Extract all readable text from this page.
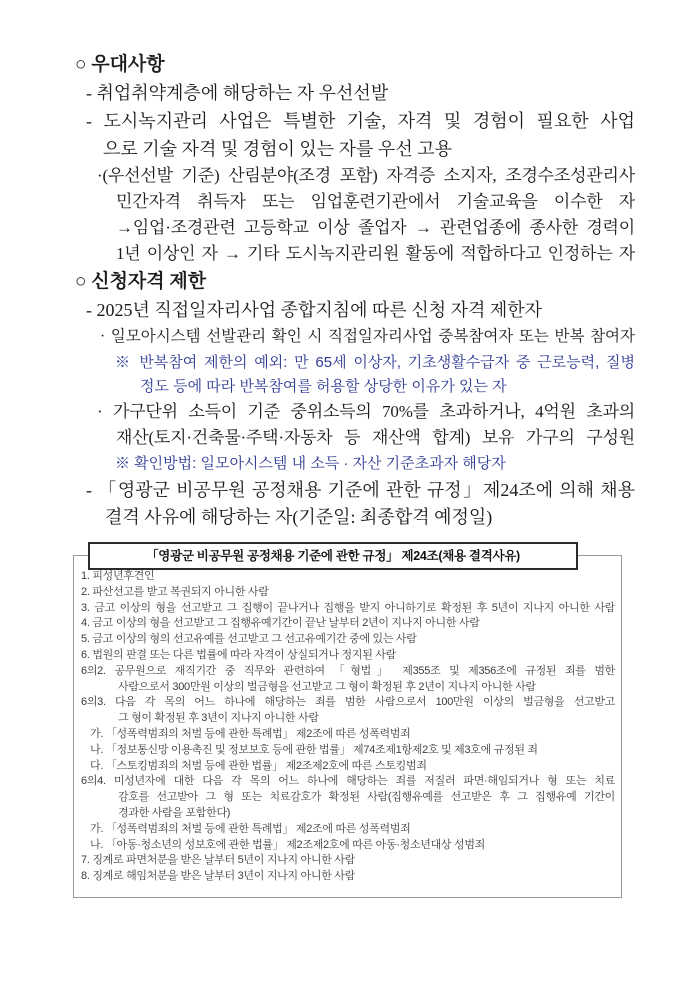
○ 우대사항
- 취업취약계층에 해당하는 자 우선선발
- 도시녹지관리 사업은 특별한 기술, 자격 및 경험이 필요한 사업
으로 기술 자격 및 경험이 있는 자를 우선 고용
·(우선선발 기준) 산림분야(조경 포함) 자격증 소지자, 조경수조성관리사
민간자격 취득자 또는 임업훈련기관에서 기술교육을 이수한 자
→임업·조경관련 고등학교 이상 졸업자 → 관련업종에 종사한 경력이
1년 이상인 자 → 기타 도시녹지관리원 활동에 적합하다고 인정하는 자
○ 신청자격 제한
- 2025년 직접일자리사업 종합지침에 따른 신청 자격 제한자
· 일모아시스템 선발관리 확인 시 직접일자리사업 중복참여자 또는 반복 참여자
※ 반복참여 제한의 예외: 만 65세 이상자, 기초생활수급자 중 근로능력, 질병
정도 등에 따라 반복참여를 허용할 상당한 이유가 있는 자
· 가구단위 소득이 기준 중위소득의 70%를 초과하거나, 4억원 초과의
재산(토지·건축물·주택·자동차 등 재산액 합계) 보유 가구의 구성원
※ 확인방법: 일모아시스템 내 소득 · 자산 기준초과자 해당자
- 「영광군 비공무원 공정채용 기준에 관한 규정」제24조에 의해 채용
결격 사유에 해당하는 자(기준일: 최종합격 예정일)
「영광군 비공무원 공정채용 기준에 관한 규정」 제24조(채용 결격사유)
1. 피성년후견인
2. 파산선고를 받고 복권되지 아니한 사람
3. 금고 이상의 형을 선고받고 그 집행이 끝나거나 집행을 받지 아니하기로 확정된 후 5년이 지나지 아니한 사람
4. 금고 이상의 형을 선고받고 그 집행유예기간이 끝난 날부터 2년이 지나지 아니한 사람
5. 금고 이상의 형의 선고유예를 선고받고 그 선고유예기간 중에 있는 사람
6. 법원의 판결 또는 다른 법률에 따라 자격이 상실되거나 정지된 사람
6의2. 공무원으로 재직기간 중 직무와 관련하여 「형법」 제355조 및 제356조에 규정된 죄를 범한
사람으로서 300만원 이상의 벌금형을 선고받고 그 형이 확정된 후 2년이 지나지 아니한 사람
6의3. 다음 각 목의 어느 하나에 해당하는 죄를 범한 사람으로서 100만원 이상의 벌금형을 선고받고
그 형이 확정된 후 3년이 지나지 아니한 사람
가. 「성폭력범죄의 처벌 등에 관한 특례법」 제2조에 따른 성폭력범죄
나. 「정보통신망 이용촉진 및 정보보호 등에 관한 법률」 제74조제1항제2호 및 제3호에 규정된 죄
다. 「스토킹범죄의 처벌 등에 관한 법률」 제2조제2호에 따른 스토킹범죄
6의4. 미성년자에 대한 다음 각 목의 어느 하나에 해당하는 죄를 저질러 파면·해임되거나 형 또는 치료
감호를 선고받아 그 형 또는 치료감호가 확정된 사람(집행유예를 선고받은 후 그 집행유예 기간이
경과한 사람을 포함한다)
가. 「성폭력범죄의 처벌 등에 관한 특례법」 제2조에 따른 성폭력범죄
나. 「아동·청소년의 성보호에 관한 법률」 제2조제2호에 따른 아동·청소년대상 성범죄
7. 징계로 파면처분을 받은 날부터 5년이 지나지 아니한 사람
8. 징계로 해임처분을 받은 날부터 3년이 지나지 아니한 사람
